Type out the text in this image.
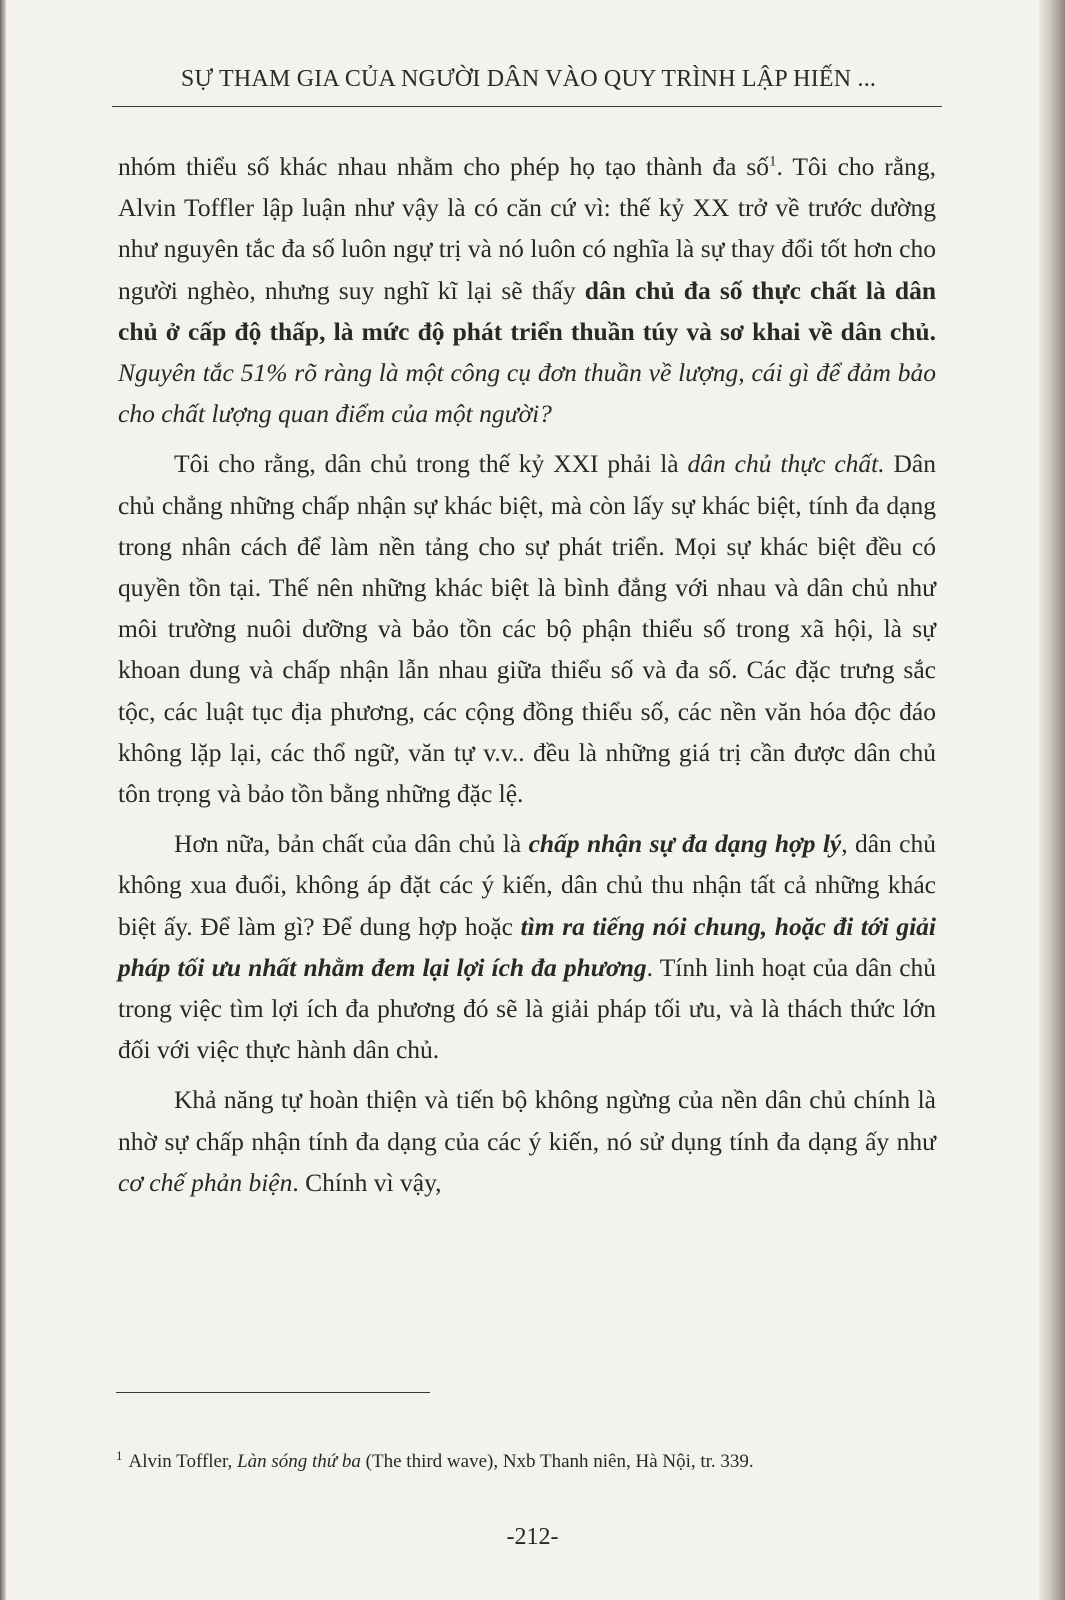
SỰ THAM GIA CỦA NGƯỜI DÂN VÀO QUY TRÌNH LẬP HIẾN ...

nhóm thiểu số khác nhau nhằm cho phép họ tạo thành đa số$^1$. Tôi cho rằng, Alvin Toffler lập luận như vậy là có căn cứ vì: thế kỷ XX trở về trước dường như nguyên tắc đa số luôn ngự trị và nó luôn có nghĩa là sự thay đổi tốt hơn cho người nghèo, nhưng suy nghĩ kĩ lại sẽ thấy dân chủ đa số thực chất là dân chủ ở cấp độ thấp, là mức độ phát triển thuần túy và sơ khai về dân chủ. Nguyên tắc 51% rõ ràng là một công cụ đơn thuần về lượng, cái gì để đảm bảo cho chất lượng quan điểm của một người?

Tôi cho rằng, dân chủ trong thế kỷ XXI phải là dân chủ thực chất. Dân chủ chẳng những chấp nhận sự khác biệt, mà còn lấy sự khác biệt, tính đa dạng trong nhân cách để làm nền tảng cho sự phát triển. Mọi sự khác biệt đều có quyền tồn tại. Thế nên những khác biệt là bình đẳng với nhau và dân chủ như môi trường nuôi dưỡng và bảo tồn các bộ phận thiểu số trong xã hội, là sự khoan dung và chấp nhận lẫn nhau giữa thiểu số và đa số. Các đặc trưng sắc tộc, các luật tục địa phương, các cộng đồng thiểu số, các nền văn hóa độc đáo không lặp lại, các thổ ngữ, văn tự v.v.. đều là những giá trị cần được dân chủ tôn trọng và bảo tồn bằng những đặc lệ.

Hơn nữa, bản chất của dân chủ là chấp nhận sự đa dạng hợp lý, dân chủ không xua đuổi, không áp đặt các ý kiến, dân chủ thu nhận tất cả những khác biệt ấy. Để làm gì? Để dung hợp hoặc tìm ra tiếng nói chung, hoặc đi tới giải pháp tối ưu nhất nhằm đem lại lợi ích đa phương. Tính linh hoạt của dân chủ trong việc tìm lợi ích đa phương đó sẽ là giải pháp tối ưu, và là thách thức lớn đối với việc thực hành dân chủ.

Khả năng tự hoàn thiện và tiến bộ không ngừng của nền dân chủ chính là nhờ sự chấp nhận tính đa dạng của các ý kiến, nó sử dụng tính đa dạng ấy như cơ chế phản biện. Chính vì vậy,

$^1$ Alvin Toffler, Làn sóng thứ ba (The third wave), Nxb Thanh niên, Hà Nội, tr. 339.
-212-
